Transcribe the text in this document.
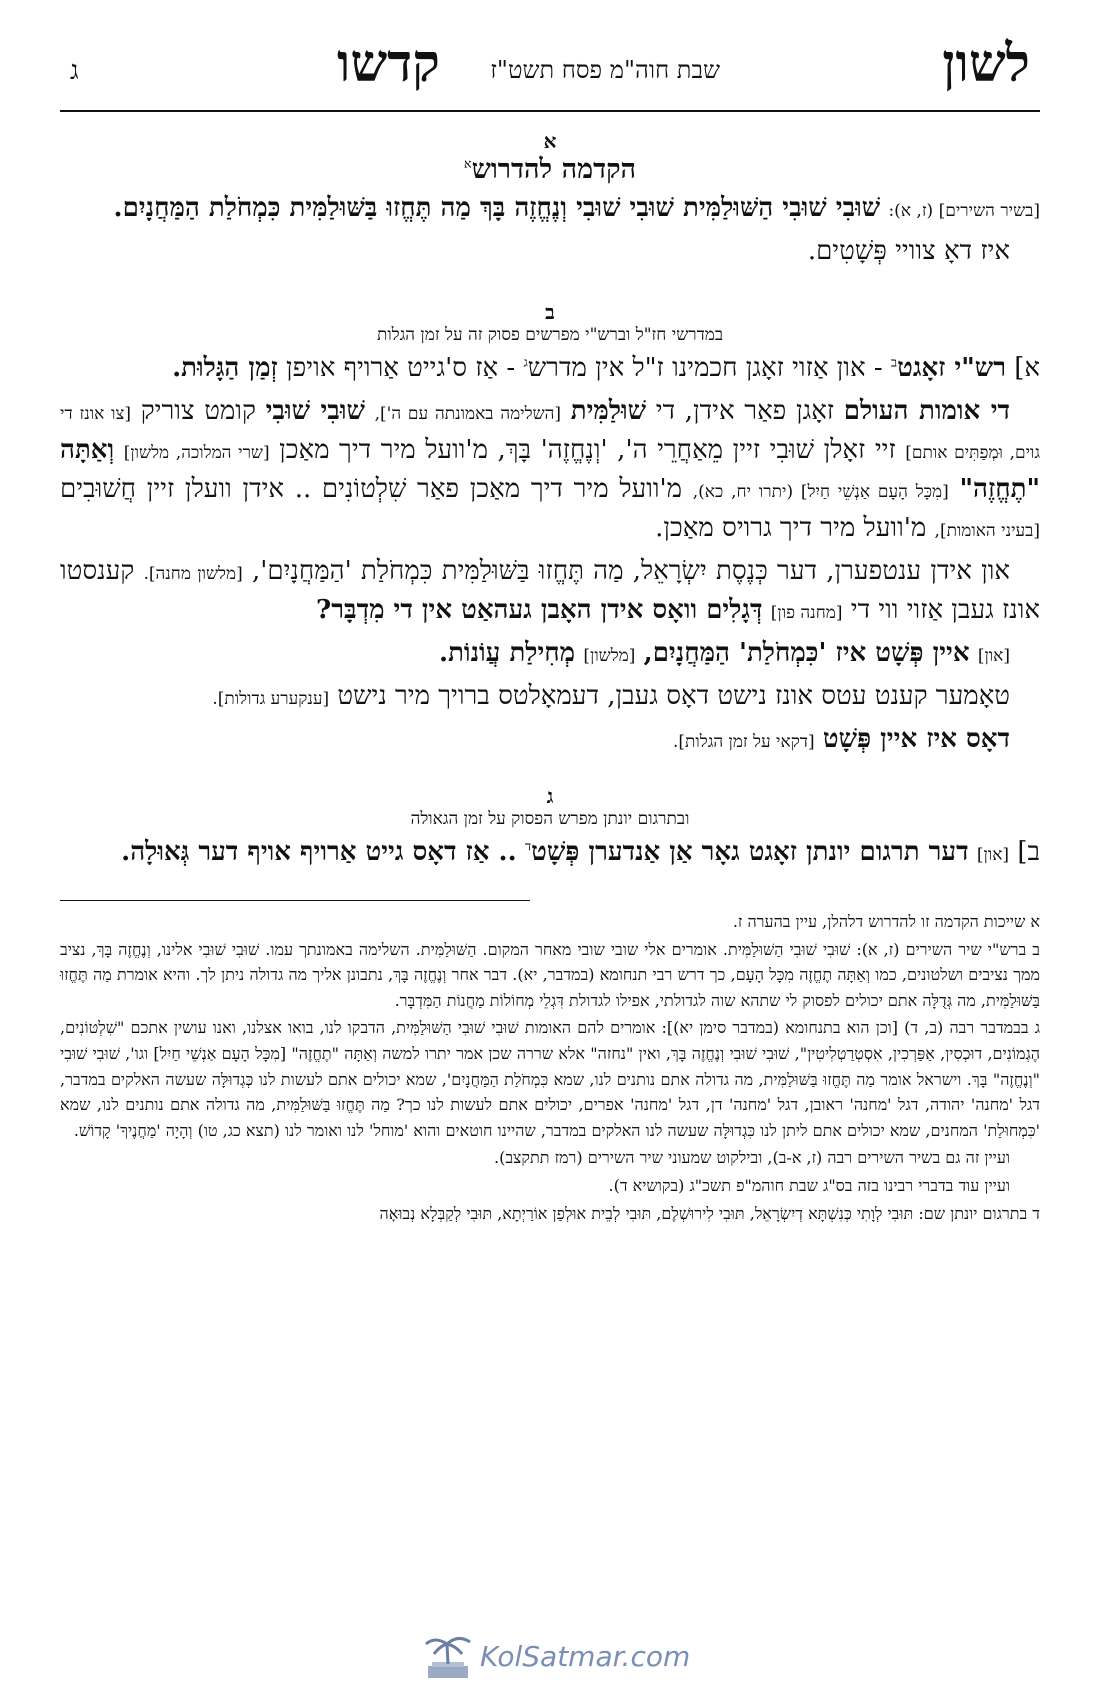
לשון
שבת חוה"מ פסח תשט"ז
קדשו
ג
א
הקדמה להדרוש$^א$

[בשיר השירים] (ז, א): שׁוּבִי שׁוּבִי הַשּׁוּלַמִּית שׁוּבִי שׁוּבִי וְנֶחֱזֶה בָּךְ מַה תֶּחֱזוּ בַּשּׁוּלַמִּית כִּמְחֹלַת הַמַּחֲנָיִם.

איז דאָ צוויי פְּשָׁטִים.

ב
במדרשי חז"ל וברש"י מפרשים פסוק זה על זמן הגלות

א] רש"י זאָגט$^ב$ - און אַזוי זאָגן חכמינו ז"ל אין מדרש$^ג$ - אַז ס'גייט אַרויף אויפן זְמַן הַגָּלוּת.

די אומות העולם זאָגן פאַר אידן, די שׁוּלַמִּית [השלימה באמונתה עם ה'], שׁוּבִי שׁוּבִי קומט צוריק [צו אונז די גוים, וּמְפַתִּים אותם] זיי זאָלן שׁוּבִי זיין מֵאַחֲרֵי ה', 'וְנֶחֱזֶה' בָּךְ, מ'וועל מיר דיך מאַכן [שרי המלוכה, מלשון] וְאַתָּה "תֶחֱזֶה" [מִכָּל הָעָם אַנְשֵׁי חַיִל] (יתרו יח, כא), מ'וועל מיר דיך מאַכן פאַר שִׁלְטוֹנִים .. אידן וועלן זיין חֲשׁוּבִים [בעיני האומות], מ'וועל מיר דיך גרויס מאַכן.

און אידן ענטפערן, דער כְּנֶסֶת יִשְׂרָאֵל, מַה תֶּחֱזוּ בַּשּׁוּלַמִּית כִּמְחֹלַת 'הַמַּחֲנָיִם', [מלשון מחנה]. קענסטו אונז געבן אַזוי ווי די [מחנה פון] דְּגָלִים וואָס אידן האָבן געהאַט אין די מִדְבָּר?

[און] איין פְּשָׁט איז 'כִּמְחֹלַת' הַמַּחֲנָיִם, [מלשון] מְחִילַת עֲוֹנוֹת.

טאָמער קענט עטס אונז נישט דאָס געבן, דעמאָלטס ברויך מיר נישט [ענקערע גדולות].

דאָס איז איין פְּשָׁט [דקאי על זמן הגלות].

ג
ובתרגום יונתן מפרש הפסוק על זמן הגאולה

ב] [און] דער תרגום יונתן זאָגט גאָר אַן אַנדערן פְּשָׁט$^ד$ .. אַז דאָס גייט אַרויף אויף דער גְּאוּלָה.

א שייכות הקדמה זו להדרוש דלהלן, עיין בהערה ז.

ב ברש"י שיר השירים (ז, א): שׁוּבִי שׁוּבִי הַשּׁוּלַמִּית. אומרים אלי שובי שובי מאחר המקום. הַשּׁוּלַמִּית. השלימה באמונתך עמו. שׁוּבִי שׁוּבִי אלינו, וְנֶחֱזֶה בָּךְ, נציב ממך נציבים ושלטונים, כמו וְאַתָּה תֶחֱזֶה מִכָּל הָעָם, כך דרש רבי תנחומא (במדבר, יא). דבר אחר וְנֶחֱזֶה בָּךְ, נתבונן אליך מה גדולה ניתן לך. והיא אומרת מַה תֶּחֱזוּ בַּשּׁוּלַמִּית, מה גְּדֻלָּה אתם יכולים לפסוק לי שתהא שוה לגדולתי, אפילו לגדולת דִּגְלֵי מְחוֹלוֹת מַחֲנוֹת הַמִּדְבָּר.

ג בבמדבר רבה (ב, ד) [וכן הוא בתנחומא (במדבר סימן יא)]: אומרים להם האומות שׁוּבִי שׁוּבִי הַשּׁוּלַמִּית, הדבקו לנו, בואו אצלנו, ואנו עושין אתכם "שִׁלְטוֹנִים, הֶגְמוֹנִים, דוּכְסִין, אַפַּרְכִין, אִסְטְרַטְלִיטִין", שׁוּבִי שׁוּבִי וְנֶחֱזֶה בָּךְ, ואין "נחזה" אלא שררה שכן אמר יתרו למשה וְאַתָּה "תֶחֱזֶה" [מִכָּל הָעָם אַנְשֵׁי חַיִל] וגו', שׁוּבִי שׁוּבִי "וְנֶחֱזֶה" בָּךְ. וישראל אומר מַה תֶּחֱזוּ בַּשּׁוּלַמִּית, מה גדולה אתם נותנים לנו, שמא כִּמְחֹלַת הַמַּחֲנָיִם', שמא יכולים אתם לעשות לנו כְּגְדוּלָּה שעשה האלקים במדבר, דגל 'מחנה' יהודה, דגל 'מחנה' ראובן, דגל 'מחנה' דן, דגל 'מחנה' אפרים, יכולים אתם לעשות לנו כך? מַה תֶּחֱזוּ בַּשּׁוּלַמִּית, מה גדולה אתם נותנים לנו, שמא 'כִּמְחוּלַת' המחנים, שמא יכולים אתם ליתן לנו כִּגְדוּלָּה שעשה לנו האלקים במדבר, שהיינו חוטאים והוא 'מוחל' לנו ואומר לנו (תצא כג, טו) וְהָיָה 'מַחֲנֶיךָ' קָדוֹשׁ.

ועיין זה גם בשיר השירים רבה (ז, א-ב), ובילקוט שמעוני שיר השירים (רמז תתקצב).

ועיין עוד בדברי רבינו בזה בס"ג שבת חוהמ"פ תשכ"ג (בקושיא ד).

ד בתרגום יונתן שם: תּוּבִי לְוָתִי כְּנִשְׁתָּא דְיִשְׂרָאֵל, תּוּבִי לִירוּשְׁלֶם, תּוּבִי לְבֵית אוּלְפַן אוֹרַיְתָא, תּוּבִי לְקַבְּלָא נְבוּאָה

KolSatmar.com
